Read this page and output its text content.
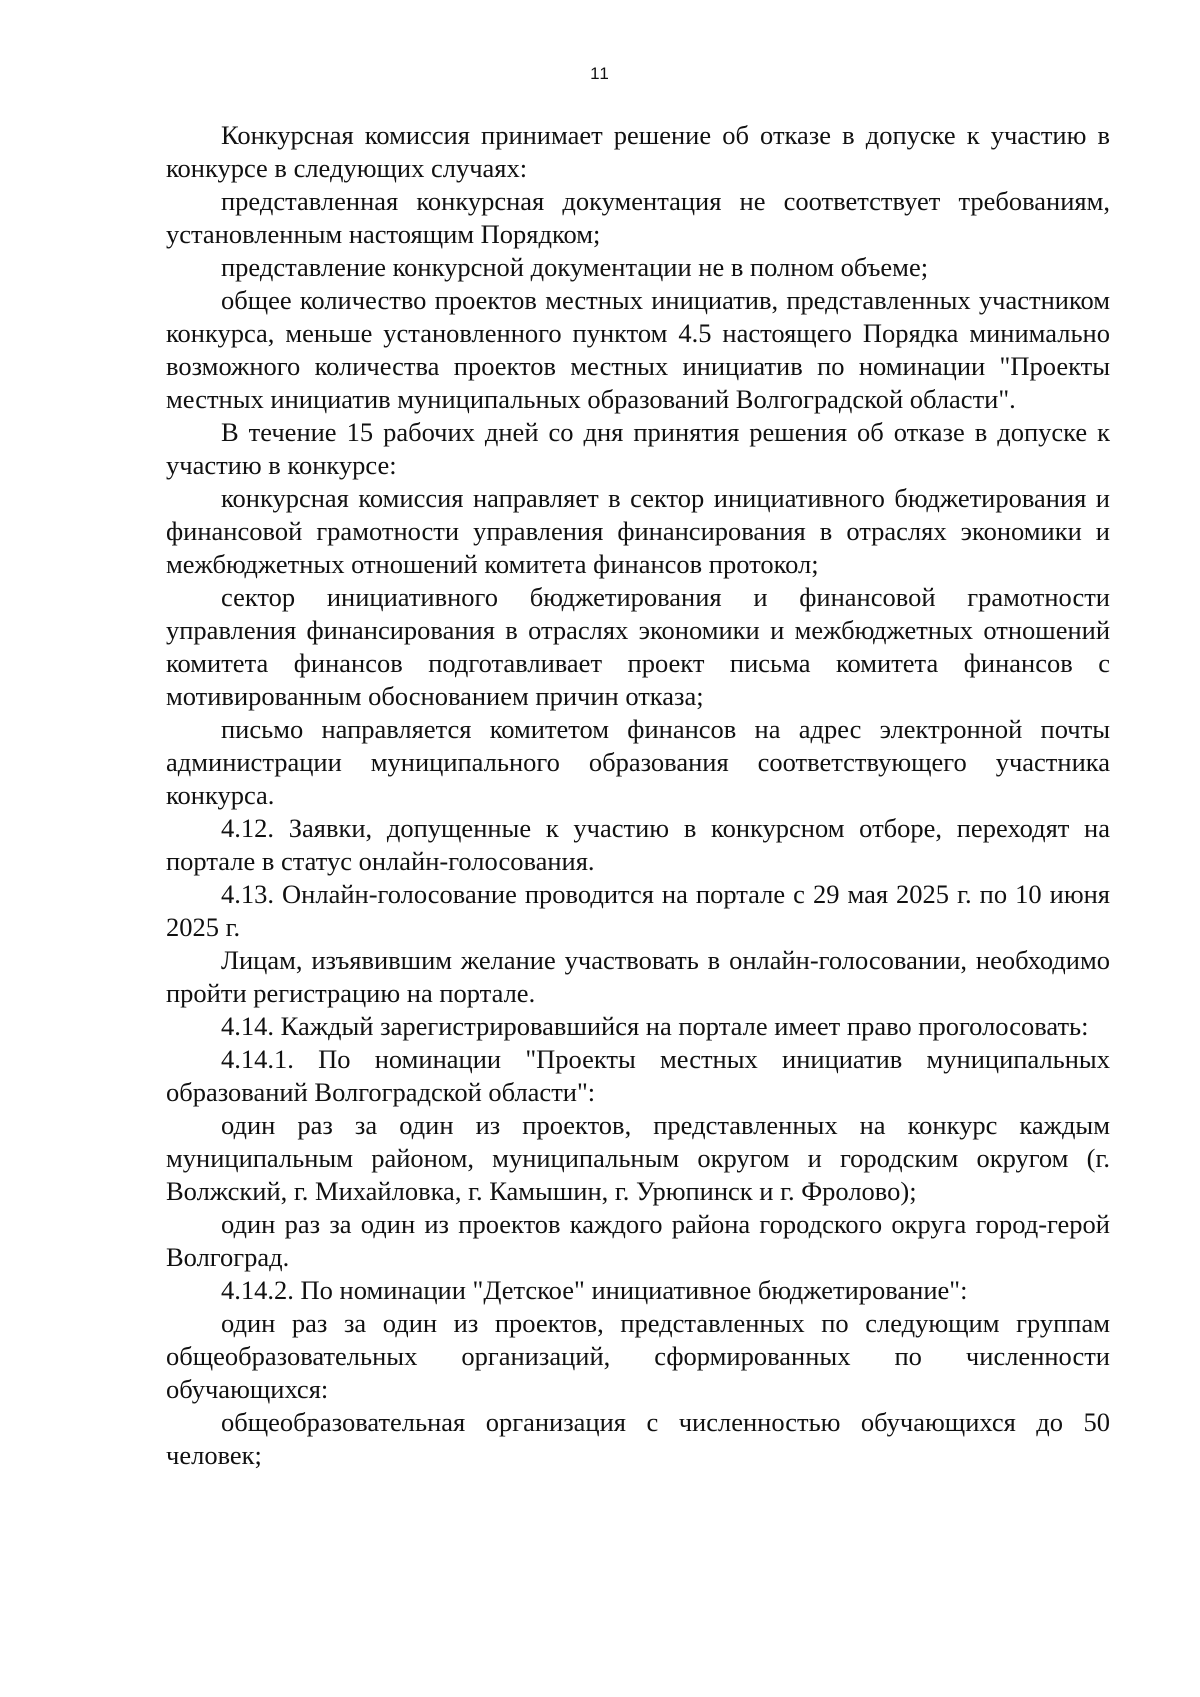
11

Конкурсная комиссия принимает решение об отказе в допуске к участию в конкурсе в следующих случаях:

представленная конкурсная документация не соответствует требованиям, установленным настоящим Порядком;

представление конкурсной документации не в полном объеме;

общее количество проектов местных инициатив, представленных участником конкурса, меньше установленного пунктом 4.5 настоящего Порядка минимально возможного количества проектов местных инициатив по номинации "Проекты местных инициатив муниципальных образований Волгоградской области".

В течение 15 рабочих дней со дня принятия решения об отказе в допуске к участию в конкурсе:

конкурсная комиссия направляет в сектор инициативного бюджетирования и финансовой грамотности управления финансирования в отраслях экономики и межбюджетных отношений комитета финансов протокол;

сектор инициативного бюджетирования и финансовой грамотности управления финансирования в отраслях экономики и межбюджетных отношений комитета финансов подготавливает проект письма комитета финансов с мотивированным обоснованием причин отказа;

письмо направляется комитетом финансов на адрес электронной почты администрации муниципального образования соответствующего участника конкурса.

4.12. Заявки, допущенные к участию в конкурсном отборе, переходят на портале в статус онлайн-голосования.

4.13. Онлайн-голосование проводится на портале с 29 мая 2025 г. по 10 июня 2025 г.

Лицам, изъявившим желание участвовать в онлайн-голосовании, необходимо пройти регистрацию на портале.

4.14. Каждый зарегистрировавшийся на портале имеет право проголосовать:

4.14.1. По номинации "Проекты местных инициатив муниципальных образований Волгоградской области":

один раз за один из проектов, представленных на конкурс каждым муниципальным районом, муниципальным округом и городским округом (г. Волжский, г. Михайловка, г. Камышин, г. Урюпинск и г. Фролово);

один раз за один из проектов каждого района городского округа город-герой Волгоград.

4.14.2. По номинации "Детское" инициативное бюджетирование":

один раз за один из проектов, представленных по следующим группам общеобразовательных организаций, сформированных по численности обучающихся:

общеобразовательная организация с численностью обучающихся до 50 человек;
